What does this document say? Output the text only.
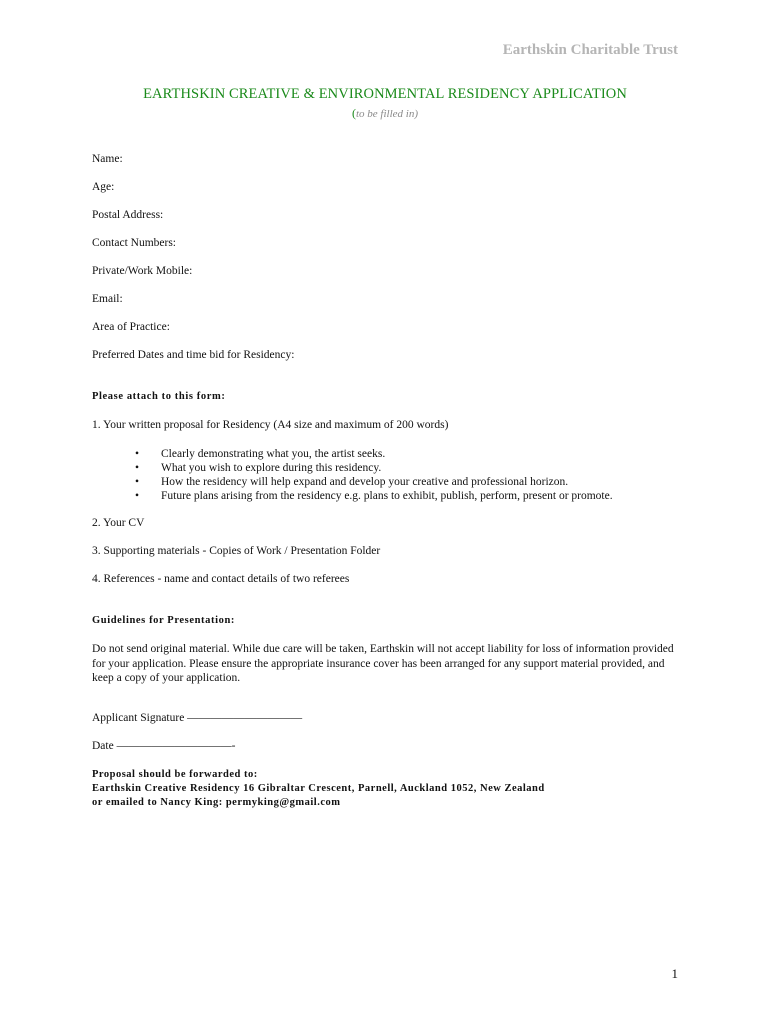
Earthskin Charitable Trust
EARTHSKIN CREATIVE & ENVIRONMENTAL RESIDENCY APPLICATION
(to be filled in)
Name:
Age:
Postal Address:
Contact Numbers:
Private/Work Mobile:
Email:
Area of Practice:
Preferred Dates and time bid for Residency:
Please attach to this form:
1. Your written proposal for Residency (A4 size and maximum of 200 words)
• Clearly demonstrating what you, the artist seeks.
• What you wish to explore during this residency.
• How the residency will help expand and develop your creative and professional horizon.
• Future plans arising from the residency e.g. plans to exhibit, publish, perform, present or promote.
2. Your CV
3. Supporting materials - Copies of Work / Presentation Folder
4. References - name and contact details of two referees
Guidelines for Presentation:
Do not send original material. While due care will be taken, Earthskin will not accept liability for loss of information provided for your application. Please ensure the appropriate insurance cover has been arranged for any support material provided, and keep a copy of your application.
Applicant Signature ——————————
Date ——————————-
Proposal should be forwarded to:
Earthskin Creative Residency 16 Gibraltar Crescent, Parnell, Auckland 1052, New Zealand
or emailed to Nancy King: permyking@gmail.com
1
